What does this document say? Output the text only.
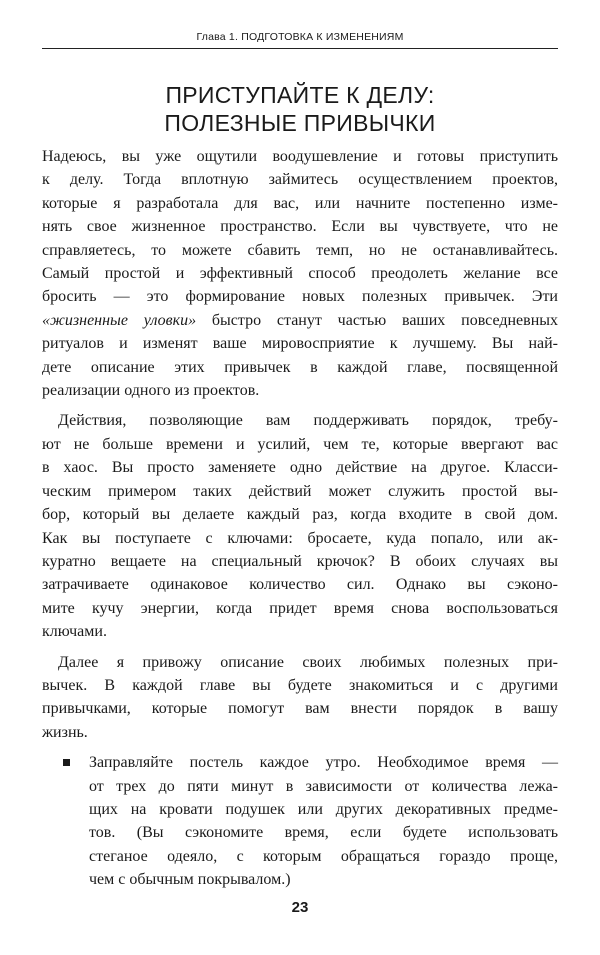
Глава 1. ПОДГОТОВКА К ИЗМЕНЕНИЯМ
ПРИСТУПАЙТЕ К ДЕЛУ:
ПОЛЕЗНЫЕ ПРИВЫЧКИ

Надеюсь, вы уже ощутили воодушевление и готовы приступить
к делу. Тогда вплотную займитесь осуществлением проектов,
которые я разработала для вас, или начните постепенно изме-
нять свое жизненное пространство. Если вы чувствуете, что не
справляетесь, то можете сбавить темп, но не останавливайтесь.
Самый простой и эффективный способ преодолеть желание все
бросить — это формирование новых полезных привычек. Эти
«жизненные уловки» быстро станут частью ваших повседневных
ритуалов и изменят ваше мировосприятие к лучшему. Вы най-
дете описание этих привычек в каждой главе, посвященной
реализации одного из проектов.

Действия, позволяющие вам поддерживать порядок, требу-
ют не больше времени и усилий, чем те, которые ввергают вас
в хаос. Вы просто заменяете одно действие на другое. Класси-
ческим примером таких действий может служить простой вы-
бор, который вы делаете каждый раз, когда входите в свой дом.
Как вы поступаете с ключами: бросаете, куда попало, или ак-
куратно вещаете на специальный крючок? В обоих случаях вы
затрачиваете одинаковое количество сил. Однако вы сэконо-
мите кучу энергии, когда придет время снова воспользоваться
ключами.

Далее я привожу описание своих любимых полезных при-
вычек. В каждой главе вы будете знакомиться и с другими
привычками, которые помогут вам внести порядок в вашу
жизнь.

Заправляйте постель каждое утро. Необходимое время —
от трех до пяти минут в зависимости от количества лежа-
щих на кровати подушек или других декоративных предме-
тов. (Вы сэкономите время, если будете использовать
стеганое одеяло, с которым обращаться гораздо проще,
чем с обычным покрывалом.)
23
